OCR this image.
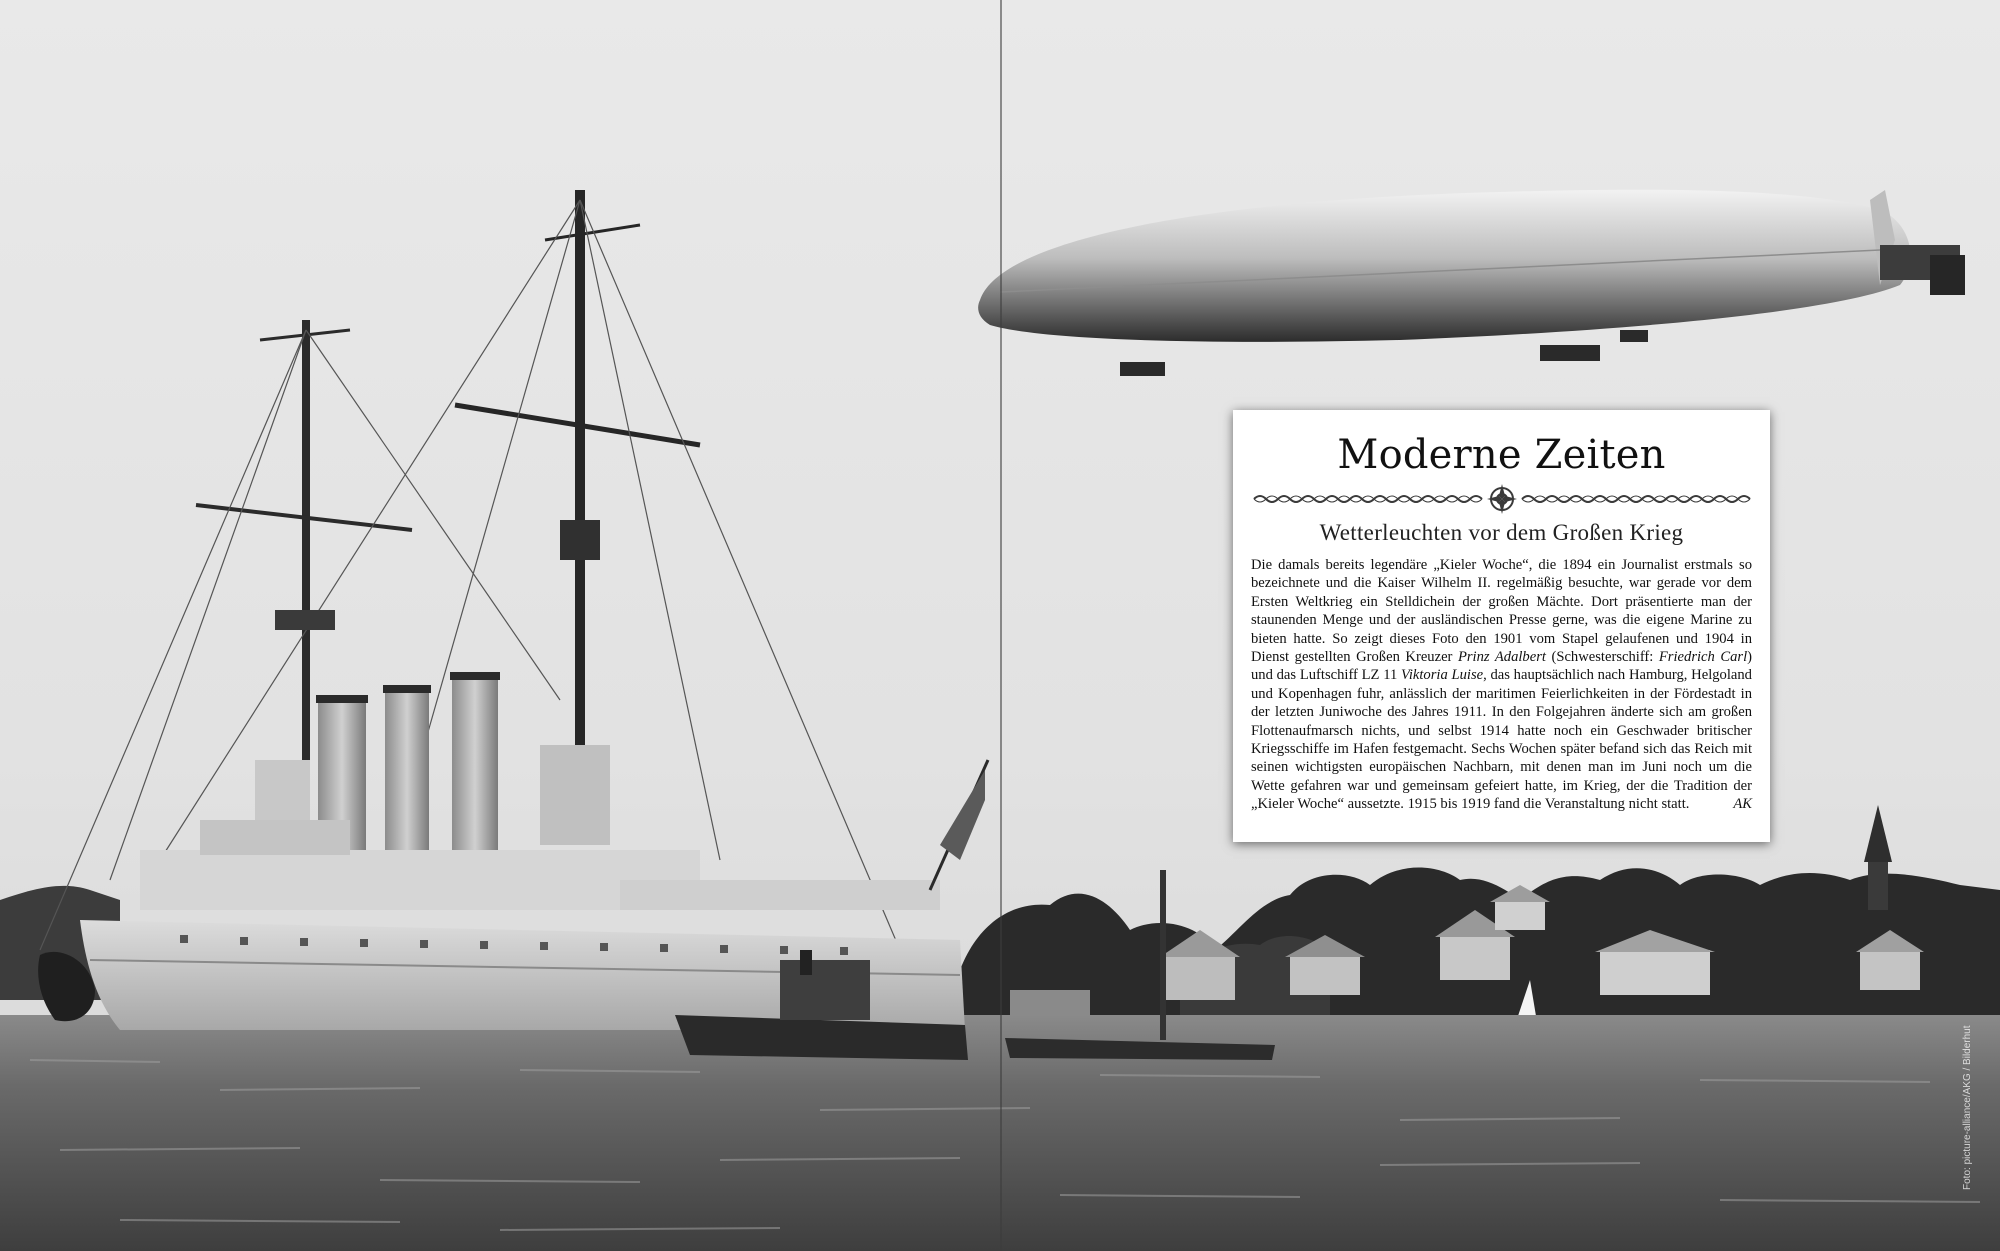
Moderne Zeiten
Wetterleuchten vor dem Großen Krieg

Die damals bereits legendäre „Kieler Woche“, die 1894 ein Journalist erstmals so bezeichnete und die Kaiser Wilhelm II. regelmäßig besuchte, war gerade vor dem Ersten Weltkrieg ein Stelldichein der großen Mächte. Dort präsentierte man der staunenden Menge und der ausländischen Presse gerne, was die eigene Marine zu bieten hatte. So zeigt dieses Foto den 1901 vom Stapel gelaufenen und 1904 in Dienst gestellten Großen Kreuzer Prinz Adalbert (Schwesterschiff: Friedrich Carl) und das Luftschiff LZ 11 Viktoria Luise, das hauptsächlich nach Hamburg, Helgoland und Kopenhagen fuhr, anlässlich der maritimen Feierlichkeiten in der Fördestadt in der letzten Juniwoche des Jahres 1911. In den Folgejahren änderte sich am großen Flottenaufmarsch nichts, und selbst 1914 hatte noch ein Geschwader britischer Kriegsschiffe im Hafen festgemacht. Sechs Wochen später befand sich das Reich mit seinen wichtigsten europäischen Nachbarn, mit denen man im Juni noch um die Wette gefahren war und gemeinsam gefeiert hatte, im Krieg, der die Tradition der „Kieler Woche“ aussetzte. 1915 bis 1919 fand die Veranstaltung nicht statt.	AK

Foto: picture-alliance/AKG / Bilderhut
